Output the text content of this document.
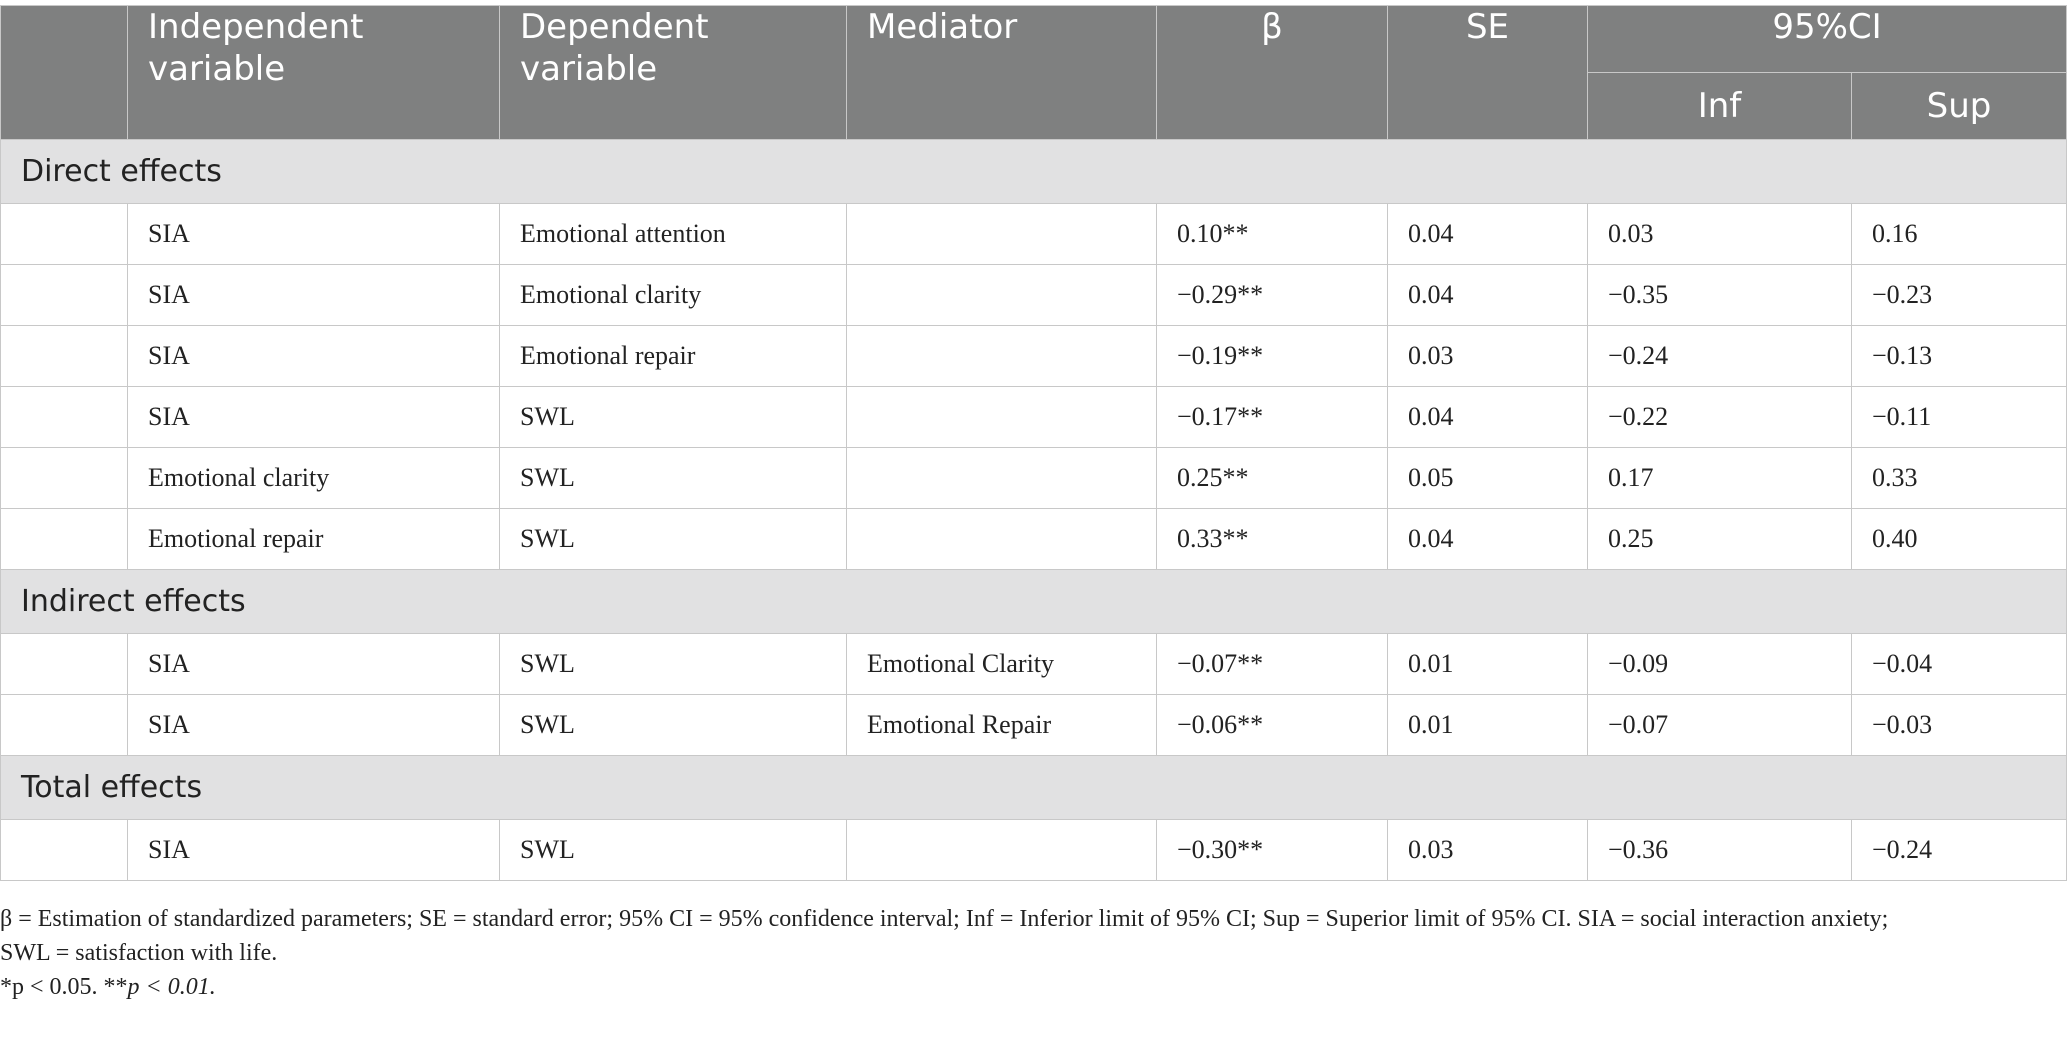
	Independent variable	Dependent variable	Mediator	β	SE	95%CI	
						Inf	Sup
Direct effects							
	SIA	Emotional attention		0.10**	0.04	0.03	0.16
	SIA	Emotional clarity		−0.29**	0.04	−0.35	−0.23
	SIA	Emotional repair		−0.19**	0.03	−0.24	−0.13
	SIA	SWL		−0.17**	0.04	−0.22	−0.11
	Emotional clarity	SWL		0.25**	0.05	0.17	0.33
	Emotional repair	SWL		0.33**	0.04	0.25	0.40
Indirect effects							
	SIA	SWL	Emotional Clarity	−0.07**	0.01	−0.09	−0.04
	SIA	SWL	Emotional Repair	−0.06**	0.01	−0.07	−0.03
Total effects							
	SIA	SWL		−0.30**	0.03	−0.36	−0.24

β = Estimation of standardized parameters; SE = standard error; 95% CI = 95% confidence interval; Inf = Inferior limit of 95% CI; Sup = Superior limit of 95% CI. SIA = social interaction anxiety;

SWL = satisfaction with life.

*p < 0.05. **p < 0.01.
